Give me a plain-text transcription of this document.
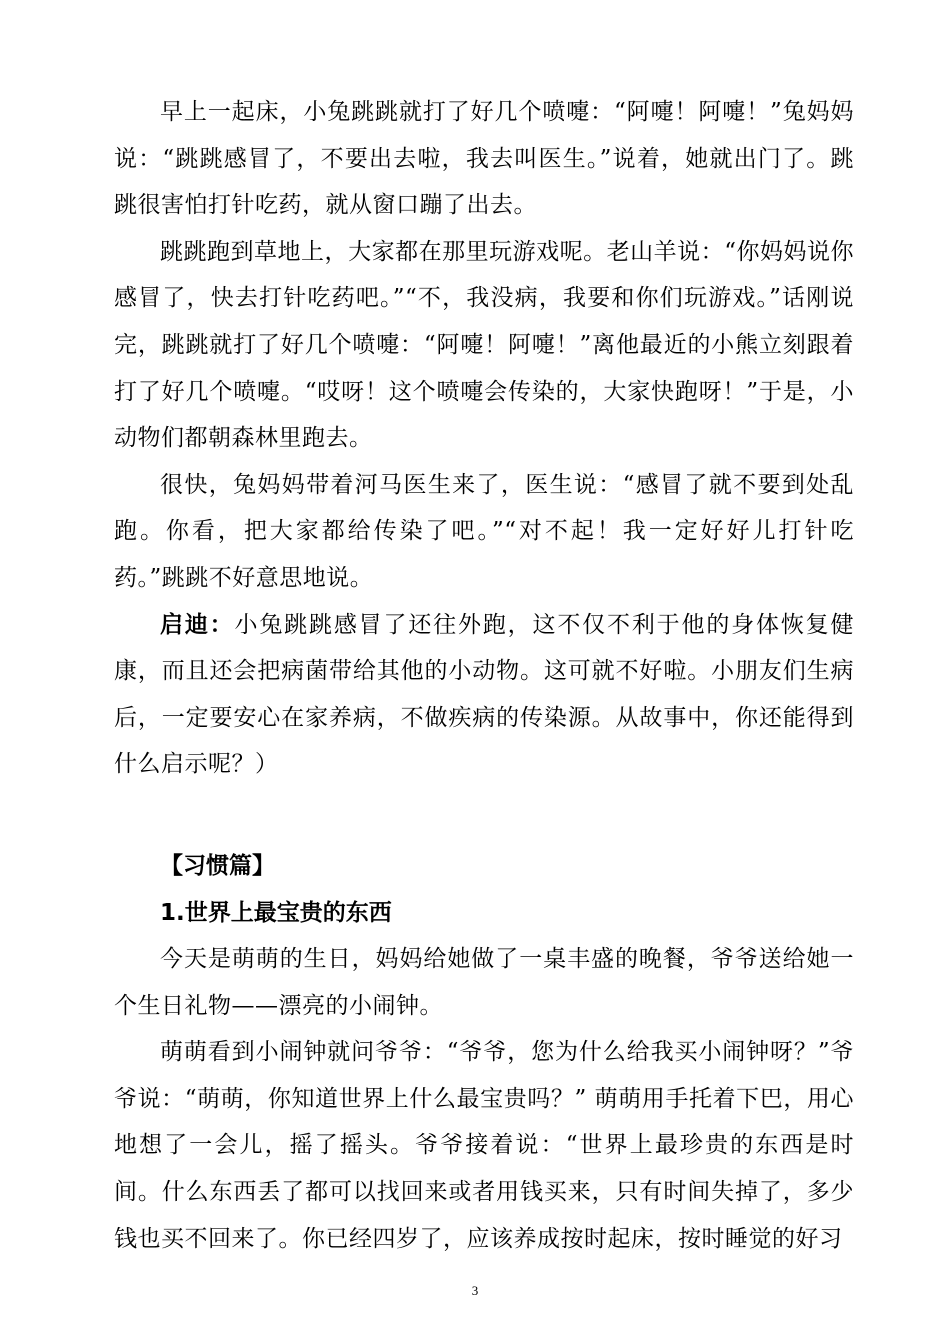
早上一起床，小兔跳跳就打了好几个喷嚏：“阿嚏！阿嚏！”兔妈妈说：“跳跳感冒了，不要出去啦，我去叫医生。”说着，她就出门了。跳跳很害怕打针吃药，就从窗口蹦了出去。

跳跳跑到草地上，大家都在那里玩游戏呢。老山羊说：“你妈妈说你感冒了，快去打针吃药吧。”“不，我没病，我要和你们玩游戏。”话刚说完，跳跳就打了好几个喷嚏：“阿嚏！阿嚏！”离他最近的小熊立刻跟着打了好几个喷嚏。“哎呀！这个喷嚏会传染的，大家快跑呀！”于是，小动物们都朝森林里跑去。

很快，兔妈妈带着河马医生来了，医生说：“感冒了就不要到处乱跑。你看，把大家都给传染了吧。”“对不起！我一定好好儿打针吃药。”跳跳不好意思地说。

启迪：小兔跳跳感冒了还往外跑，这不仅不利于他的身体恢复健康，而且还会把病菌带给其他的小动物。这可就不好啦。小朋友们生病后，一定要安心在家养病，不做疾病的传染源。从故事中，你还能得到什么启示呢？）

【习惯篇】

1.世界上最宝贵的东西

今天是萌萌的生日，妈妈给她做了一桌丰盛的晚餐，爷爷送给她一个生日礼物——漂亮的小闹钟。

萌萌看到小闹钟就问爷爷：“爷爷，您为什么给我买小闹钟呀？”爷爷说：“萌萌，你知道世界上什么最宝贵吗？” 萌萌用手托着下巴，用心地想了一会儿，摇了摇头。爷爷接着说：“世界上最珍贵的东西是时间。什么东西丢了都可以找回来或者用钱买来，只有时间失掉了，多少钱也买不回来了。你已经四岁了，应该养成按时起床，按时睡觉的好习

3
